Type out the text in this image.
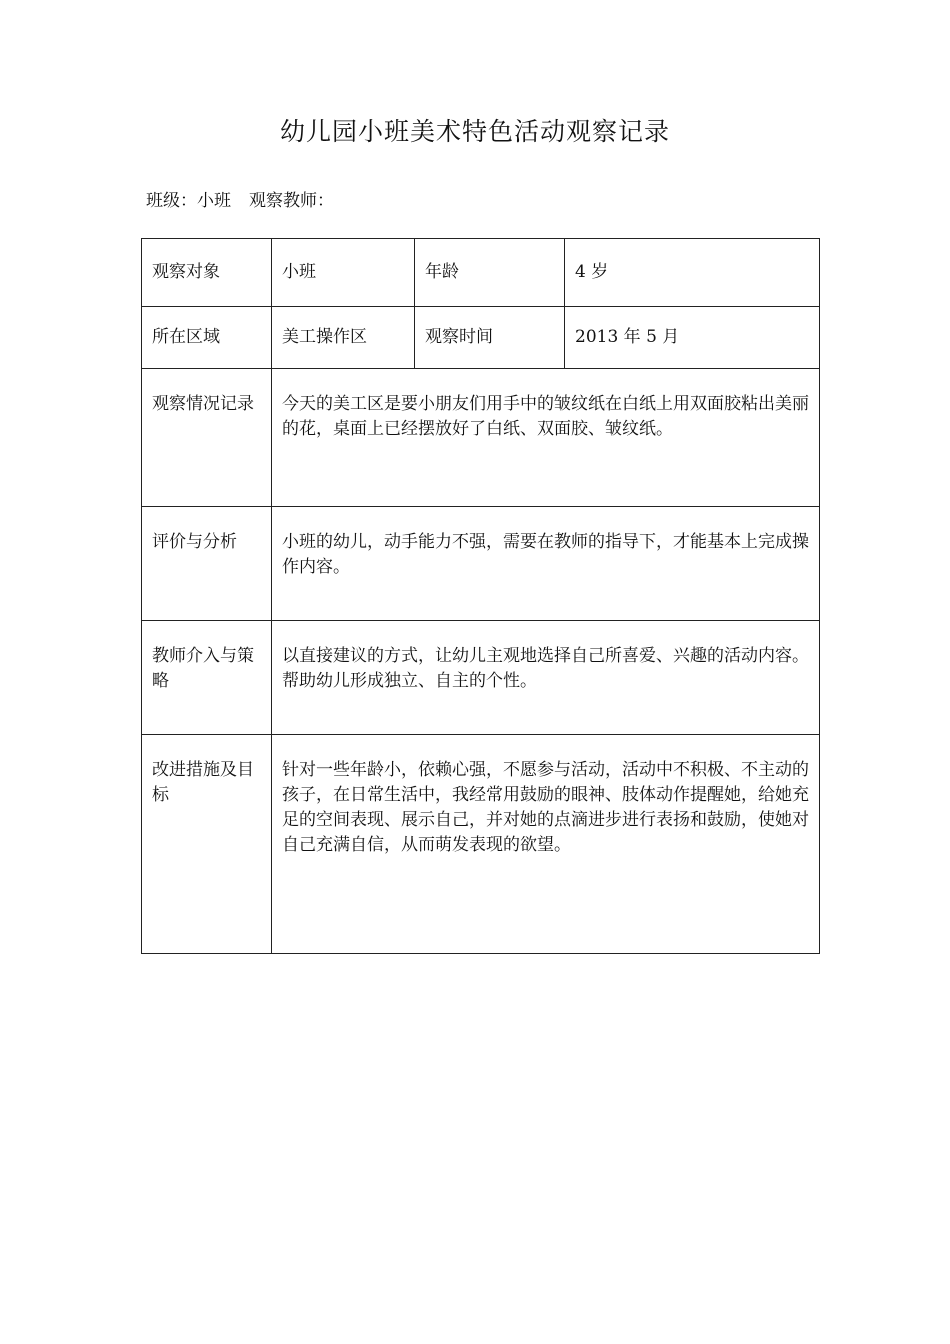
幼儿园小班美术特色活动观察记录
班级：小班 观察教师：
观察对象	小班	年龄	4 岁
所在区域	美工操作区	观察时间	2013 年 5 月

观察情况记录	今天的美工区是要小朋友们用手中的皱纹纸在白纸上用双面胶粘出美丽的花，桌面上已经摆放好了白纸、双面胶、皱纹纸。		

评价与分析	小班的幼儿，动手能力不强，需要在教师的指导下，才能基本上完成操作内容。		

教师介入与策略	以直接建议的方式，让幼儿主观地选择自己所喜爱、兴趣的活动内容。帮助幼儿形成独立、自主的个性。		

改进措施及目标	针对一些年龄小，依赖心强，不愿参与活动，活动中不积极、不主动的孩子，在日常生活中，我经常用鼓励的眼神、肢体动作提醒她，给她充足的空间表现、展示自己，并对她的点滴进步进行表扬和鼓励，使她对自己充满自信，从而萌发表现的欲望。		
